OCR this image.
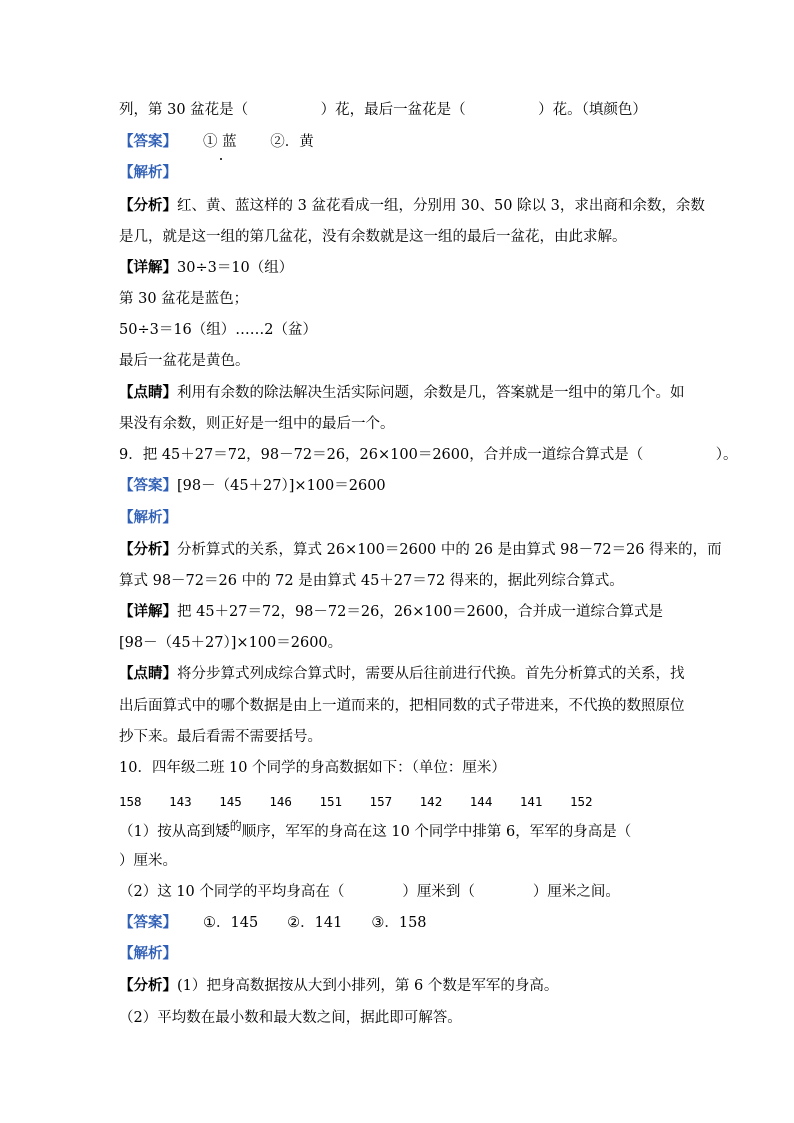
列，第 30 盆花是（　　　　　）花，最后一盆花是（　　　　　）花。（填颜色）
【答案】 ① 蓝　　 ②．黄
【解析】
【分析】红、黄、蓝这样的 3 盆花看成一组，分别用 30、50 除以 3，求出商和余数，余数
是几，就是这一组的第几盆花，没有余数就是这一组的最后一盆花，由此求解。
【详解】30÷3＝10（组）
第 30 盆花是蓝色；
50÷3＝16（组）……2（盆）
最后一盆花是黄色。
【点睛】利用有余数的除法解决生活实际问题，余数是几，答案就是一组中的第几个。如
果没有余数，则正好是一组中的最后一个。
9．把 45＋27＝72，98－72＝26，26×100＝2600，合并成一道综合算式是（　　　　　）。
【答案】[98－（45＋27）]×100＝2600
【解析】
【分析】分析算式的关系，算式 26×100＝2600 中的 26 是由算式 98－72＝26 得来的，而
算式 98－72＝26 中的 72 是由算式 45＋27＝72 得来的，据此列综合算式。
【详解】把 45＋27＝72，98－72＝26，26×100＝2600，合并成一道综合算式是
[98－（45＋27）]×100＝2600。
【点睛】将分步算式列成综合算式时，需要从后往前进行代换。首先分析算式的关系，找
出后面算式中的哪个数据是由上一道而来的，把相同数的式子带进来，不代换的数照原位
抄下来。最后看需不需要括号。
10．四年级二班 10 个同学的身高数据如下：（单位：厘米）
158 143 145 146 151 157 142 144 141 152
（1）按从高到矮$^的$顺序，军军的身高在这 10 个同学中排第 6，军军的身高是（
）厘米。
（2）这 10 个同学的平均身高在（　　　　）厘米到（　　　　）厘米之间。
【答案】 ①．145　　②．141　　③．158
【解析】
【分析】(1）把身高数据按从大到小排列，第 6 个数是军军的身高。
（2）平均数在最小数和最大数之间，据此即可解答。
